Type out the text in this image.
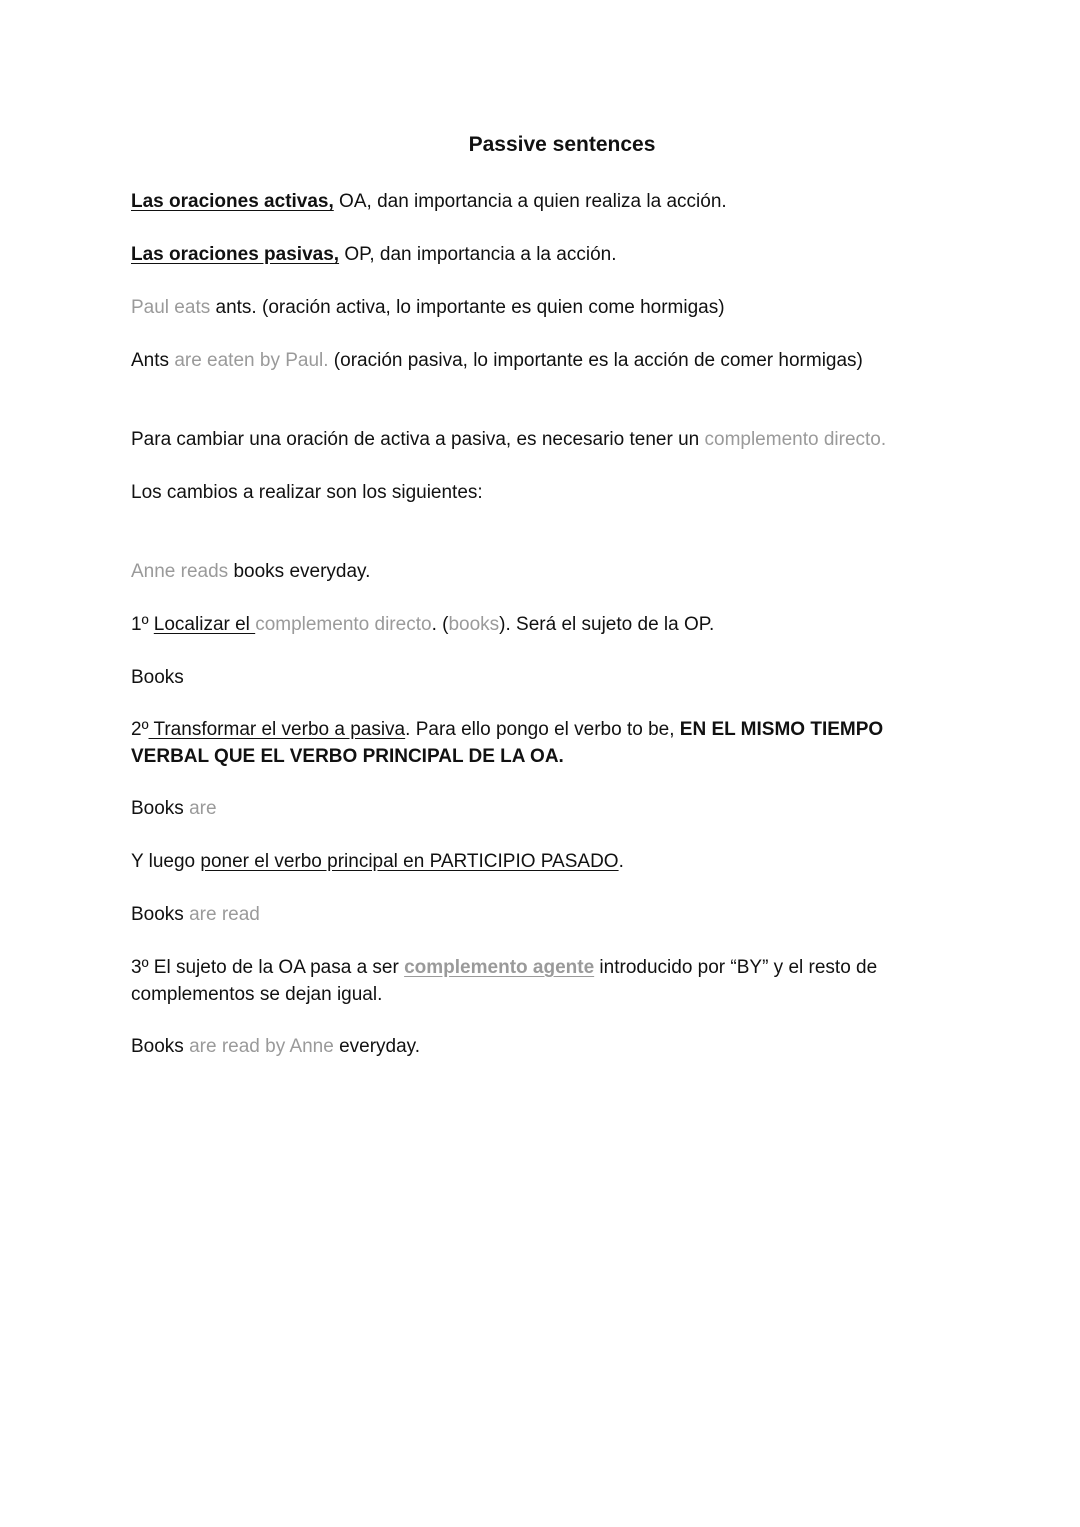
Passive sentences
Las oraciones activas, OA, dan importancia a quien realiza la acción.
Las oraciones pasivas, OP, dan importancia a la acción.
Paul eats ants. (oración activa, lo importante es quien come hormigas)
Ants are eaten by Paul. (oración pasiva, lo importante es la acción de comer hormigas)
Para cambiar una oración de activa a pasiva, es necesario tener un complemento directo.
Los cambios a realizar son los siguientes:
Anne reads books everyday.
1º Localizar el complemento directo. (books). Será el sujeto de la OP.
Books
2º Transformar el verbo a pasiva. Para ello pongo el verbo to be, EN EL MISMO TIEMPO VERBAL QUE EL VERBO PRINCIPAL DE LA OA.
Books are
Y luego poner el verbo principal en PARTICIPIO PASADO.
Books are read
3º El sujeto de la OA pasa a ser complemento agente introducido por “BY” y el resto de complementos se dejan igual.
Books are read by Anne everyday.
